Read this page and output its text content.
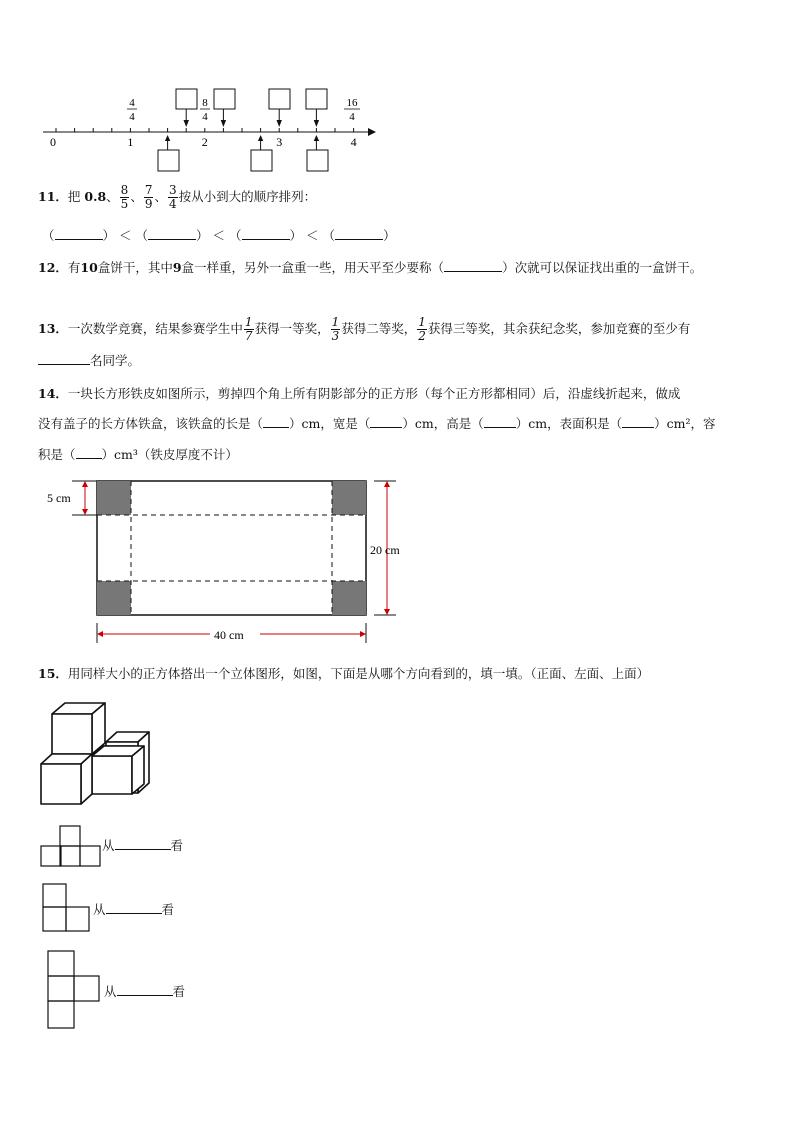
0	1	2	3	4
4
4
8
4
16
4
11．把 0.8、 $\frac{8}{5}$ 、 $\frac{7}{9}$ 、 $\frac{3}{4}$ 按从小到大的顺序排列：
（	） ＜ （	） ＜ （	） ＜ （	）
12．有10盒饼干，其中9盒一样重，另外一盒重一些，用天平至少要称（	）次就可以保证找出重的一盒饼干。
13．一次数学竞赛，结果参赛学生中 $\frac{1}{7}$ 获得一等奖， $\frac{1}{3}$ 获得二等奖， $\frac{1}{2}$ 获得三等奖，其余获纪念奖，参加竞赛的至少有
名同学。
14．一块长方形铁皮如图所示，剪掉四个角上所有阴影部分的正方形（每个正方形都相同）后，沿虚线折起来，做成
没有盖子的长方体铁盒，该铁盒的长是（ ）cm，宽是（	）cm，高是（	）cm，表面积是（	）cm²，容
积是（ ）cm³（铁皮厚度不计）
5 cm
20 cm
40 cm
15．用同样大小的正方体搭出一个立体图形，如图，下面是从哪个方向看到的，填一填。（正面、左面、上面）
从	看
从	看
从	看
